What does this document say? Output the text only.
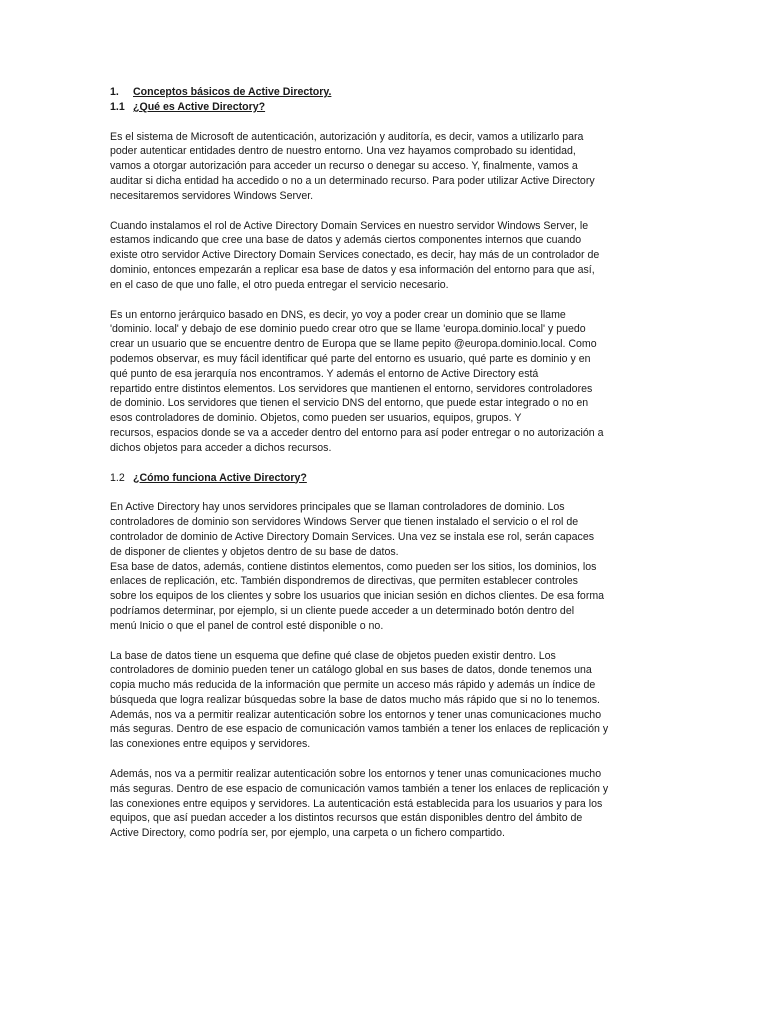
1. Conceptos básicos de Active Directory.

1.1 ¿Qué es Active Directory?

Es el sistema de Microsoft de autenticación, autorización y auditoría, es decir, vamos a utilizarlo para
poder autenticar entidades dentro de nuestro entorno. Una vez hayamos comprobado su identidad,
vamos a otorgar autorización para acceder un recurso o denegar su acceso. Y, finalmente, vamos a
auditar si dicha entidad ha accedido o no a un determinado recurso. Para poder utilizar Active Directory
necesitaremos servidores Windows Server.

Cuando instalamos el rol de Active Directory Domain Services en nuestro servidor Windows Server, le
estamos indicando que cree una base de datos y además ciertos componentes internos que cuando
existe otro servidor Active Directory Domain Services conectado, es decir, hay más de un controlador de
dominio, entonces empezarán a replicar esa base de datos y esa información del entorno para que así,
en el caso de que uno falle, el otro pueda entregar el servicio necesario.

Es un entorno jerárquico basado en DNS, es decir, yo voy a poder crear un dominio que se llame
'dominio. local' y debajo de ese dominio puedo crear otro que se llame 'europa.dominio.local' y puedo
crear un usuario que se encuentre dentro de Europa que se llame pepito @europa.dominio.local. Como
podemos observar, es muy fácil identificar qué parte del entorno es usuario, qué parte es dominio y en
qué punto de esa jerarquía nos encontramos. Y además el entorno de Active Directory está
repartido entre distintos elementos. Los servidores que mantienen el entorno, servidores controladores
de dominio. Los servidores que tienen el servicio DNS del entorno, que puede estar integrado o no en
esos controladores de dominio. Objetos, como pueden ser usuarios, equipos, grupos. Y
recursos, espacios donde se va a acceder dentro del entorno para así poder entregar o no autorización a
dichos objetos para acceder a dichos recursos.

1.2 ¿Cómo funciona Active Directory?

En Active Directory hay unos servidores principales que se llaman controladores de dominio. Los
controladores de dominio son servidores Windows Server que tienen instalado el servicio o el rol de
controlador de dominio de Active Directory Domain Services. Una vez se instala ese rol, serán capaces
de disponer de clientes y objetos dentro de su base de datos.
Esa base de datos, además, contiene distintos elementos, como pueden ser los sitios, los dominios, los
enlaces de replicación, etc. También dispondremos de directivas, que permiten establecer controles
sobre los equipos de los clientes y sobre los usuarios que inician sesión en dichos clientes. De esa forma
podríamos determinar, por ejemplo, si un cliente puede acceder a un determinado botón dentro del
menú Inicio o que el panel de control esté disponible o no.

La base de datos tiene un esquema que define qué clase de objetos pueden existir dentro. Los
controladores de dominio pueden tener un catálogo global en sus bases de datos, donde tenemos una
copia mucho más reducida de la información que permite un acceso más rápido y además un índice de
búsqueda que logra realizar búsquedas sobre la base de datos mucho más rápido que si no lo tenemos.
Además, nos va a permitir realizar autenticación sobre los entornos y tener unas comunicaciones mucho
más seguras. Dentro de ese espacio de comunicación vamos también a tener los enlaces de replicación y
las conexiones entre equipos y servidores.

Además, nos va a permitir realizar autenticación sobre los entornos y tener unas comunicaciones mucho
más seguras. Dentro de ese espacio de comunicación vamos también a tener los enlaces de replicación y
las conexiones entre equipos y servidores. La autenticación está establecida para los usuarios y para los
equipos, que así puedan acceder a los distintos recursos que están disponibles dentro del ámbito de
Active Directory, como podría ser, por ejemplo, una carpeta o un fichero compartido.
